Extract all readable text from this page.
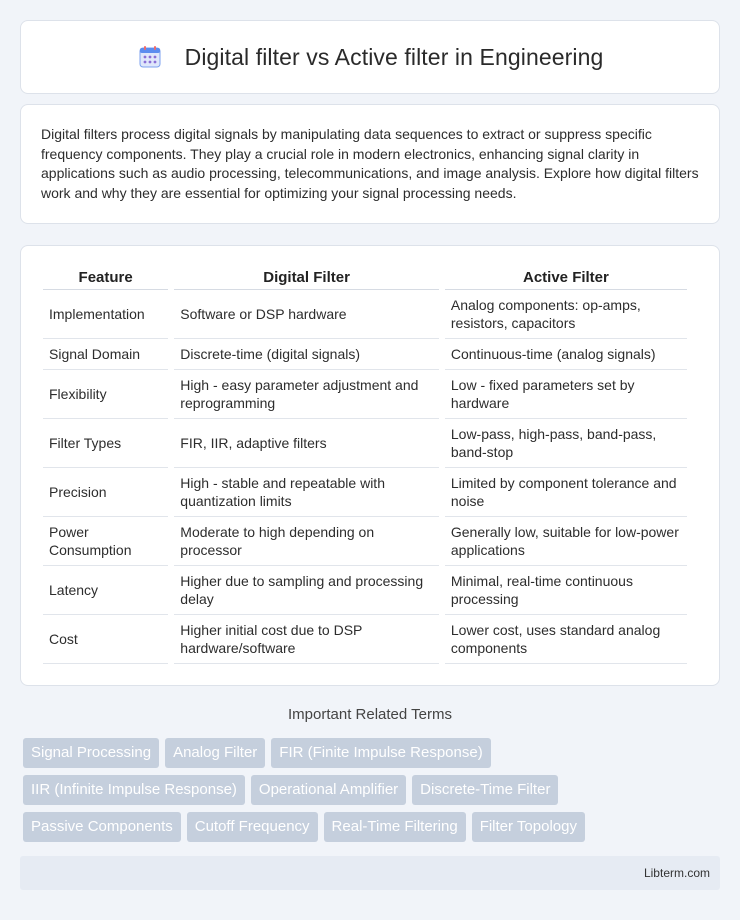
Digital filter vs Active filter in Engineering

Digital filters process digital signals by manipulating data sequences to extract or suppress specific frequency components. They play a crucial role in modern electronics, enhancing signal clarity in applications such as audio processing, telecommunications, and image analysis. Explore how digital filters work and why they are essential for optimizing your signal processing needs.

Feature	Digital Filter	Active Filter
Implementation	Software or DSP hardware	Analog components: op-amps, resistors, capacitors
Signal Domain	Discrete-time (digital signals)	Continuous-time (analog signals)
Flexibility	High - easy parameter adjustment and reprogramming	Low - fixed parameters set by hardware
Filter Types	FIR, IIR, adaptive filters	Low-pass, high-pass, band-pass, band-stop
Precision	High - stable and repeatable with quantization limits	Limited by component tolerance and noise
Power Consumption	Moderate to high depending on processor	Generally low, suitable for low-power applications
Latency	Higher due to sampling and processing delay	Minimal, real-time continuous processing
Cost	Higher initial cost due to DSP hardware/software	Lower cost, uses standard analog components
Important Related Terms
Signal Processing	Analog Filter	FIR (Finite Impulse Response)
IIR (Infinite Impulse Response)	Operational Amplifier	Discrete-Time Filter
Passive Components	Cutoff Frequency	Real-Time Filtering	Filter Topology
Libterm.com
